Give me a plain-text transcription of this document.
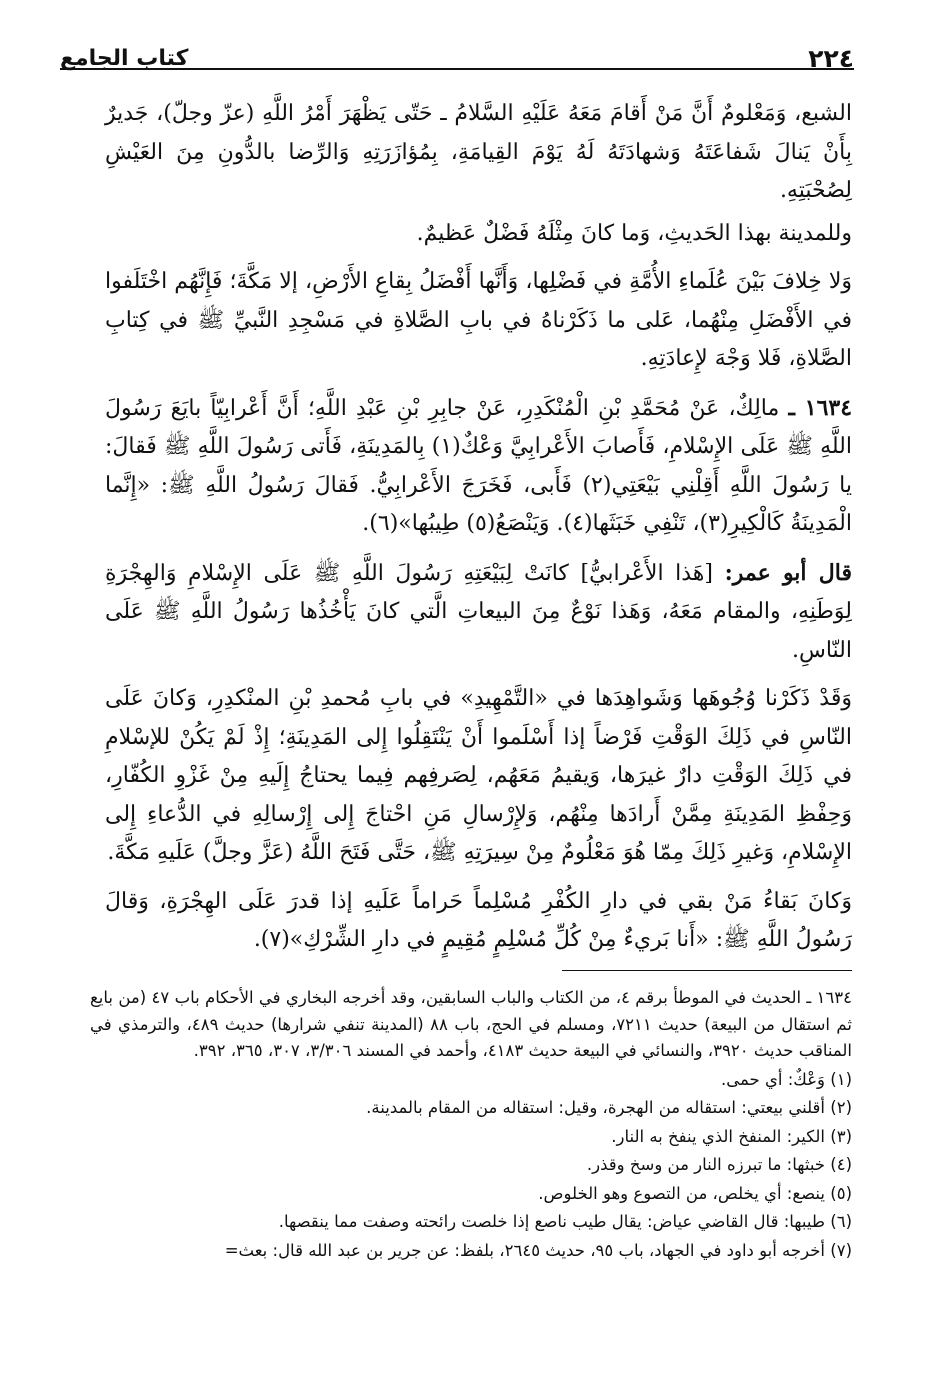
٢٢٤
كتاب الجامع

الشبع، وَمَعْلومٌ أَنَّ مَنْ أَقامَ مَعَهُ عَلَيْهِ السَّلامُ ـ حَتّى يَظْهَرَ أَمْرُ اللَّهِ (عزّ وجلّ)، جَديرٌ بِأَنْ يَنالَ شَفاعَتَهُ وَشهادَتَهُ لَهُ يَوْمَ القِيامَةِ، بِمُؤازَرَتِهِ وَالرِّضا بالدُّونِ مِنَ العَيْشِ لِصُحْبَتِهِ.

وللمدينة بهذا الحَديثِ، وَما كانَ مِثْلَهُ فَضْلٌ عَظيمٌ.

وَلا خِلافَ بَيْنَ عُلَماءِ الأُمَّةِ في فَضْلِها، وَأَنَّها أَفْضَلُ بِقاعِ الأَرْضِ، إلا مَكَّةَ؛ فَإِنَّهُم اخْتَلَفوا في الأَفْضَلِ مِنْهُما، عَلى ما ذَكَرْناهُ في بابِ الصَّلاةِ في مَسْجِدِ النَّبيِّ ﷺ في كِتابِ الصَّلاةِ، فَلا وَجْهَ لإِعادَتِهِ.

١٦٣٤ ـ مالِكٌ، عَنْ مُحَمَّدِ بْنِ الْمُنْكَدِرِ، عَنْ جابِرِ بْنِ عَبْدِ اللَّهِ؛ أَنَّ أَعْرابِيّاً بايَعَ رَسُولَ اللَّهِ ﷺ عَلَى الإِسْلامِ، فَأَصابَ الأَعْرابِيَّ وَعْكٌ(١) بِالمَدِينَةِ، فَأَتى رَسُولَ اللَّهِ ﷺ فَقالَ: يا رَسُولَ اللَّهِ أَقِلْنِي بَيْعَتِي(٢) فَأَبى، فَخَرَجَ الأَعْرابِيُّ. فَقالَ رَسُولُ اللَّهِ ﷺ: «إِنَّما الْمَدِينَةُ كَالْكِيرِ(٣)، تَنْفِي خَبَثَها(٤). وَيَنْصَعُ(٥) طِيبُها»(٦).

قال أبو عمر: [هَذا الأَعْرابيُّ] كانَتْ لِبَيْعَتِهِ رَسُولَ اللَّهِ ﷺ عَلَى الإِسْلامِ وَالهِجْرَةِ لِوَطَنِهِ، والمقام مَعَهُ، وَهَذا نَوْعٌ مِنَ البيعاتِ الَّتي كانَ يَأْخُذُها رَسُولُ اللَّهِ ﷺ عَلَى النّاسِ.

وَقَدْ ذَكَرْنا وُجُوهَها وَشَواهِدَها في «التَّمْهِيدِ» في بابِ مُحمدِ بْنِ المنْكدِرِ، وَكانَ عَلَى النّاسِ في ذَلِكَ الوَقْتِ فَرْضاً إذا أَسْلَموا أَنْ يَنْتَقِلُوا إِلى المَدِينَةِ؛ إِذْ لَمْ يَكُنْ للإسْلامِ في ذَلِكَ الوَقْتِ دارٌ غيرَها، وَيقيمُ مَعَهُم، لِصَرفِهم فِيما يحتاجُ إِلَيهِ مِنْ غَزْوِ الكُفّارِ، وَحِفْظِ المَدِينَةِ مِمَّنْ أَرادَها مِنْهُم، وَلإِرْسالِ مَنِ احْتاجَ إِلى إِرْسالِهِ في الدُّعاءِ إِلى الإِسْلامِ، وَغيرِ ذَلِكَ مِمّا هُوَ مَعْلُومٌ مِنْ سِيرَتِهِ ﷺ، حَتَّى فَتَحَ اللَّهُ (عَزَّ وجلَّ) عَلَيهِ مَكَّةَ.

وَكانَ بَقاءُ مَنْ بقي في دارِ الكُفْرِ مُسْلِماً حَراماً عَلَيهِ إذا قدرَ عَلَى الهِجْرَةِ، وَقالَ رَسُولُ اللَّهِ ﷺ: «أَنا بَريءٌ مِنْ كُلِّ مُسْلِمٍ مُقِيمٍ في دارِ الشِّرْكِ»(٧).

١٦٣٤ ـ الحديث في الموطأ برقم ٤، من الكتاب والباب السابقين، وقد أخرجه البخاري في الأحكام باب ٤٧ (من بايع ثم استقال من البيعة) حديث ٧٢١١، ومسلم في الحج، باب ٨٨ (المدينة تنفي شرارها) حديث ٤٨٩، والترمذي في المناقب حديث ٣٩٢٠، والنسائي في البيعة حديث ٤١٨٣، وأحمد في المسند ٣/٣٠٦، ٣٠٧، ٣٦٥، ٣٩٢.

(١) وَعْكٌ: أي حمى.

(٢) أقلني بيعتي: استقاله من الهجرة، وقيل: استقاله من المقام بالمدينة.

(٣) الكير: المنفخ الذي ينفخ به النار.

(٤) خبثها: ما تبرزه النار من وسخ وقذر.

(٥) ينصع: أي يخلص، من التصوع وهو الخلوص.

(٦) طيبها: قال القاضي عياض: يقال طيب ناصع إذا خلصت رائحته وصفت مما ينقصها.

(٧) أخرجه أبو داود في الجهاد، باب ٩٥، حديث ٢٦٤٥، بلفظ: عن جرير بن عبد الله قال: بعث=
